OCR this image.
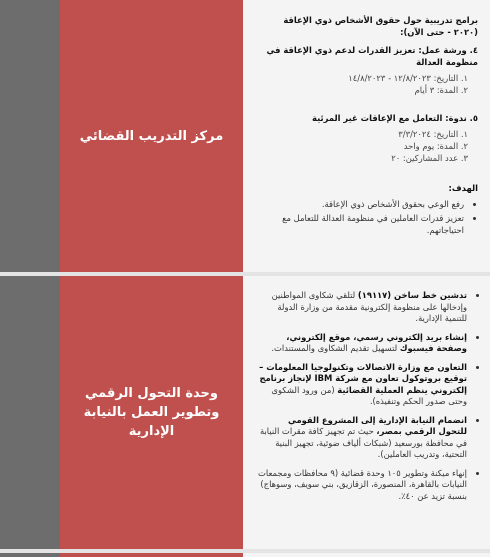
مركز التدريب القضائي
برامج تدريبية حول حقوق الأشخاص ذوي الإعاقة (٢٠٢٠ - حتى الآن):
٤. ورشة عمل: تعزيز القدرات لدعم ذوي الإعاقة في منظومة العدالة
١. التاريخ: ١٢/٨/٢٠٢٣ - ١٤/٨/٢٠٢٣
٢. المدة: ٣ أيام
٥. ندوة: التعامل مع الإعاقات غير المرئية
١. التاريخ: ٣/٣/٢٠٢٤
٢. المدة: يوم واحد
٣. عدد المشاركين: ٢٠
الهدف:
• رفع الوعي بحقوق الأشخاص ذوي الإعاقة.
• تعزيز قدرات العاملين في منظومة العدالة للتعامل مع احتياجاتهم.
وحدة التحول الرقمي وتطوير العمل بالنيابة الإدارية
• تدشين خط ساخن (١٩١١٧) لتلقي شكاوى المواطنين وإدخالها على منظومة إلكترونية مقدمة من وزارة الدولة للتنمية الإدارية.
• إنشاء بريد إلكتروني رسمي، موقع إلكتروني، وصفحة فيسبوك لتسهيل تقديم الشكاوى والمستندات.
• التعاون مع وزارة الاتصالات وتكنولوجيا المعلومات – توقيع بروتوكول تعاون مع شركة IBM لإنجاز برنامج إلكتروني ينظم العملية القضائية (من ورود الشكوى وحتى صدور الحكم وتنفيذه).
• انضمام النيابة الإدارية إلى المشروع القومي للتحول الرقمي بمصر، حيث تم تجهيز كافة مقرات النيابة في محافظة بورسعيد (شبكات ألياف ضوئية، تجهيز البنية التحتية، وتدريب العاملين).
• إنهاء ميكنة وتطوير ١٠٥ وحدة قضائية (٩ محافظات ومجمعات النيابات بالقاهرة، المنصورة، الزقازيق، بني سويف، وسوهاج) بنسبة تزيد عن ٤٠٪.
